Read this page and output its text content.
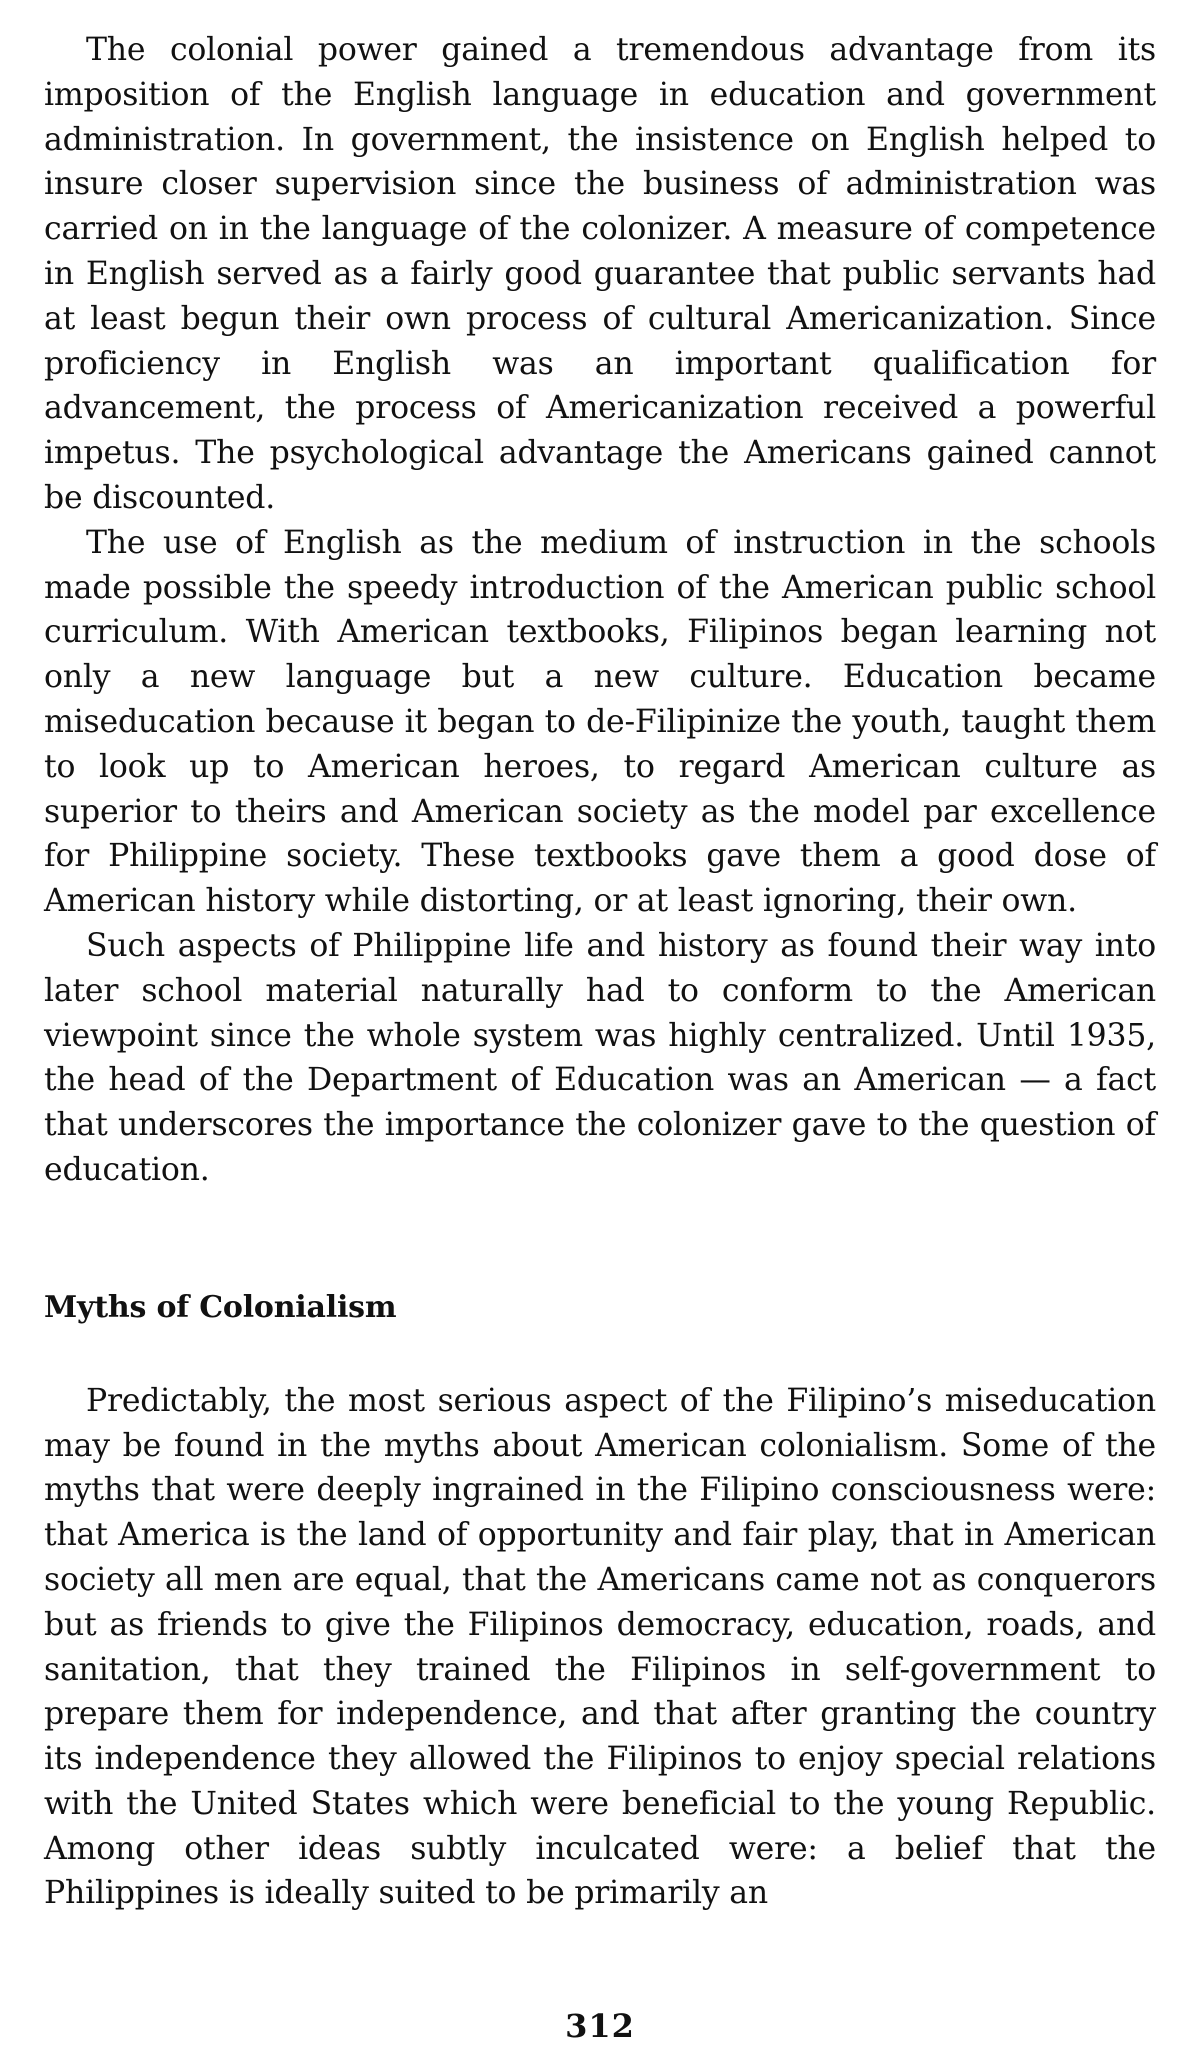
The colonial power gained a tremendous advantage from its imposition of the English language in education and government administration. In government, the insistence on English helped to insure closer supervision since the business of administration was carried on in the language of the colonizer. A measure of competence in English served as a fairly good guarantee that public servants had at least begun their own process of cultural Americanization. Since proficiency in English was an important qualification for advancement, the process of Americanization received a powerful impetus. The psychological advantage the Americans gained cannot be discounted.

The use of English as the medium of instruction in the schools made possible the speedy introduction of the American public school curriculum. With American textbooks, Filipinos began learning not only a new language but a new culture. Education became miseducation because it began to de-Filipinize the youth, taught them to look up to American heroes, to regard American culture as superior to theirs and American society as the model par excellence for Philippine society. These textbooks gave them a good dose of American history while distorting, or at least ignoring, their own.

Such aspects of Philippine life and history as found their way into later school material naturally had to conform to the American viewpoint since the whole system was highly centralized. Until 1935, the head of the Department of Education was an American — a fact that underscores the importance the colonizer gave to the question of education.

Myths of Colonialism

Predictably, the most serious aspect of the Filipino’s miseducation may be found in the myths about American colonialism. Some of the myths that were deeply ingrained in the Filipino consciousness were: that America is the land of opportunity and fair play, that in American society all men are equal, that the Americans came not as conquerors but as friends to give the Filipinos democracy, education, roads, and sanitation, that they trained the Filipinos in self-government to prepare them for independence, and that after granting the country its independence they allowed the Filipinos to enjoy special relations with the United States which were beneficial to the young Republic. Among other ideas subtly inculcated were: a belief that the Philippines is ideally suited to be primarily an

312
